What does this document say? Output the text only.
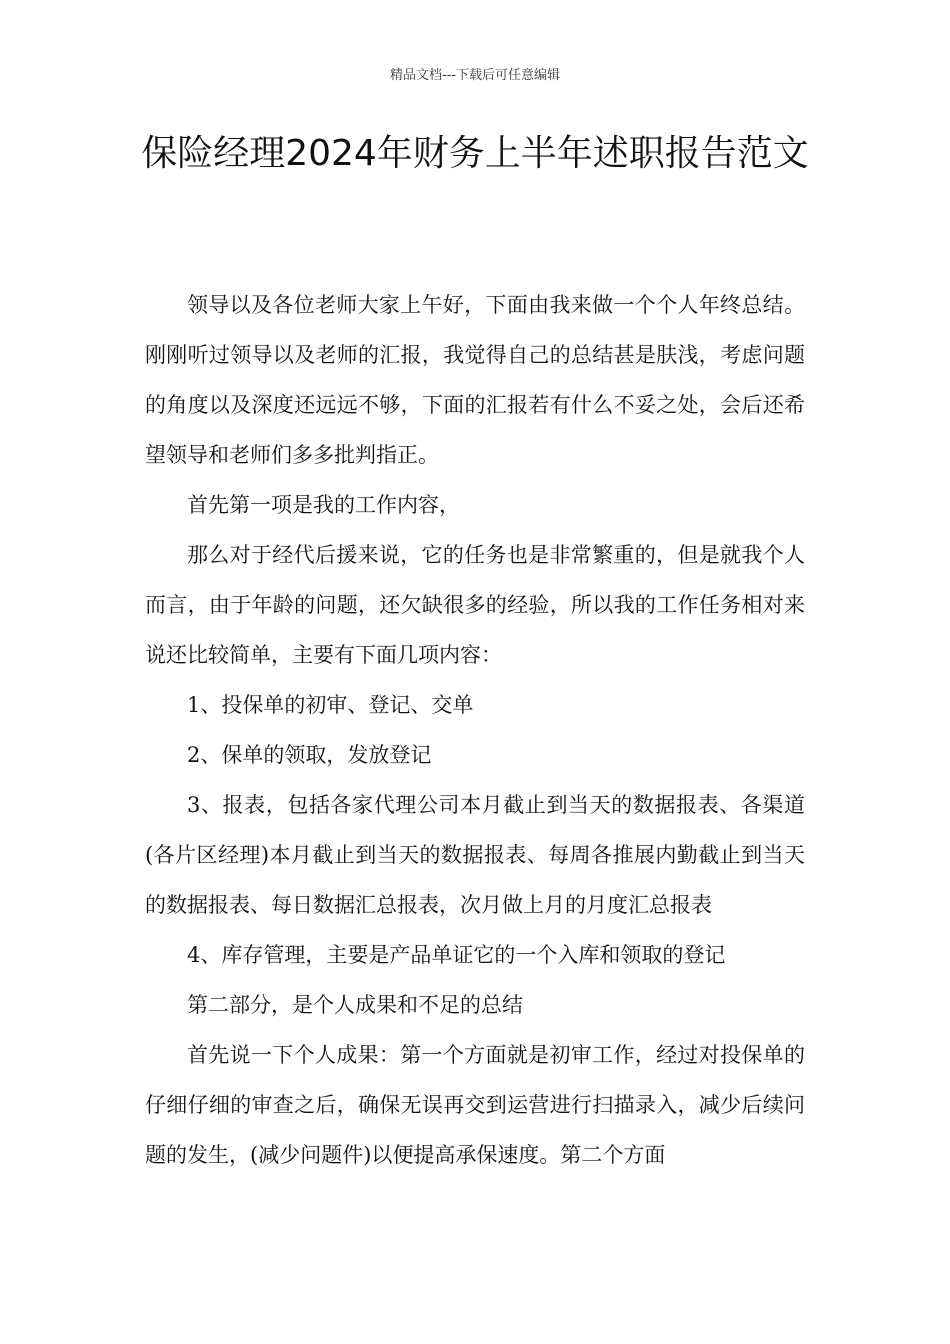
精品文档---下载后可任意编辑
保险经理2024年财务上半年述职报告范文

领导以及各位老师大家上午好，下面由我来做一个个人年终总结。刚刚听过领导以及老师的汇报，我觉得自己的总结甚是肤浅，考虑问题的角度以及深度还远远不够，下面的汇报若有什么不妥之处，会后还希望领导和老师们多多批判指正。

首先第一项是我的工作内容，

那么对于经代后援来说，它的任务也是非常繁重的，但是就我个人而言，由于年龄的问题，还欠缺很多的经验，所以我的工作任务相对来说还比较简单，主要有下面几项内容：

1、投保单的初审、登记、交单

2、保单的领取，发放登记

3、报表，包括各家代理公司本月截止到当天的数据报表、各渠道(各片区经理)本月截止到当天的数据报表、每周各推展内勤截止到当天的数据报表、每日数据汇总报表，次月做上月的月度汇总报表

4、库存管理，主要是产品单证它的一个入库和领取的登记

第二部分，是个人成果和不足的总结

首先说一下个人成果：第一个方面就是初审工作，经过对投保单的仔细仔细的审查之后，确保无误再交到运营进行扫描录入，减少后续问题的发生，(减少问题件)以便提高承保速度。第二个方面
